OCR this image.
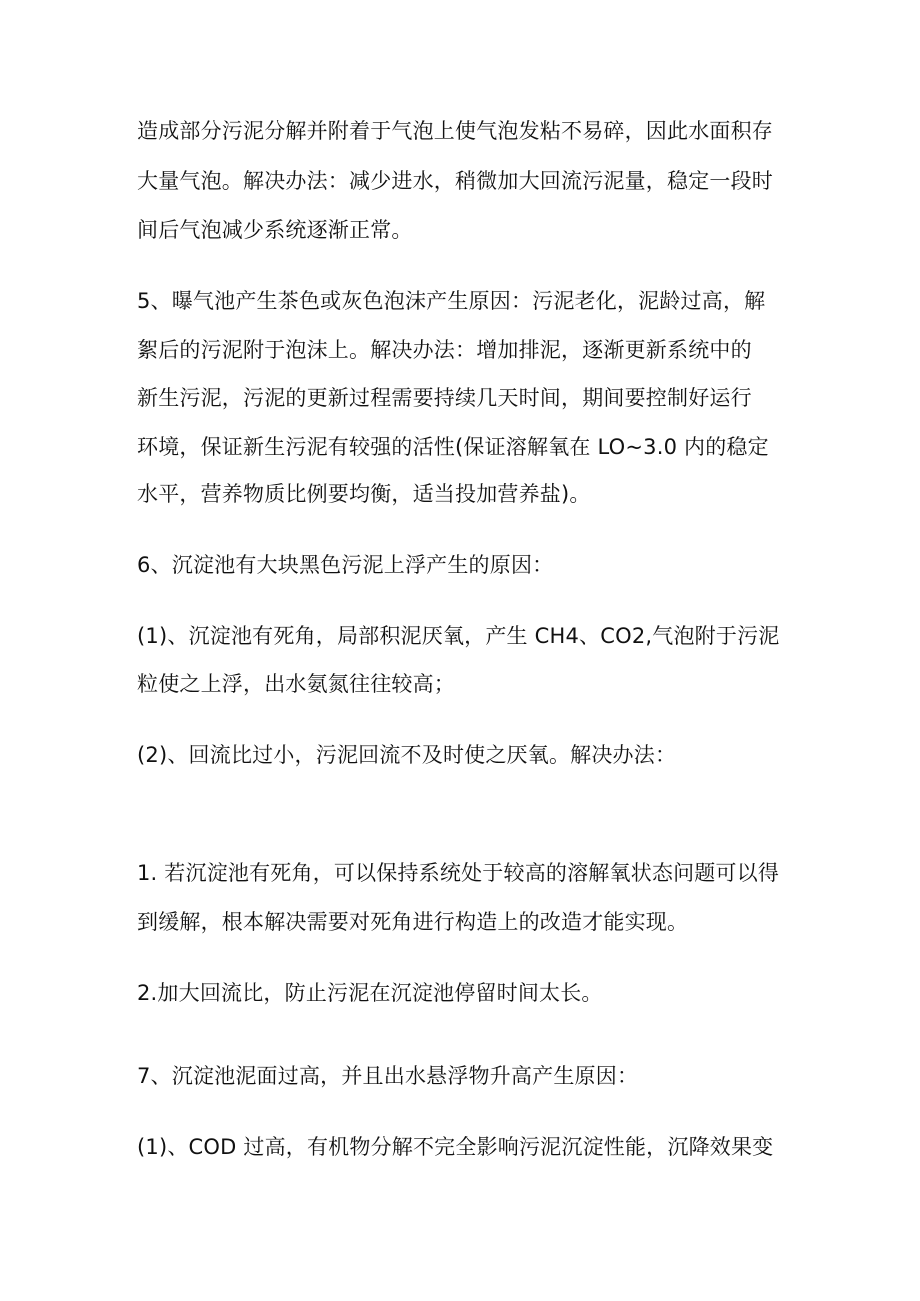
造成部分污泥分解并附着于气泡上使气泡发粘不易碎，因此水面积存
大量气泡。解决办法：减少进水，稍微加大回流污泥量，稳定一段时
间后气泡减少系统逐渐正常。
5、曝气池产生茶色或灰色泡沫产生原因：污泥老化，泥龄过高，解
絮后的污泥附于泡沫上。解决办法：增加排泥，逐渐更新系统中的
新生污泥，污泥的更新过程需要持续几天时间，期间要控制好运行
环境，保证新生污泥有较强的活性(保证溶解氧在 LO~3.0 内的稳定
水平，营养物质比例要均衡，适当投加营养盐)。
6、沉淀池有大块黑色污泥上浮产生的原因：
(1)、沉淀池有死角，局部积泥厌氧，产生 CH4、CO2,气泡附于污泥
粒使之上浮，出水氨氮往往较高；
(2)、回流比过小，污泥回流不及时使之厌氧。解决办法：
1. 若沉淀池有死角，可以保持系统处于较高的溶解氧状态问题可以得
到缓解，根本解决需要对死角进行构造上的改造才能实现。
2.加大回流比，防止污泥在沉淀池停留时间太长。
7、沉淀池泥面过高，并且出水悬浮物升高产生原因：
(1)、COD 过高，有机物分解不完全影响污泥沉淀性能，沉降效果变
